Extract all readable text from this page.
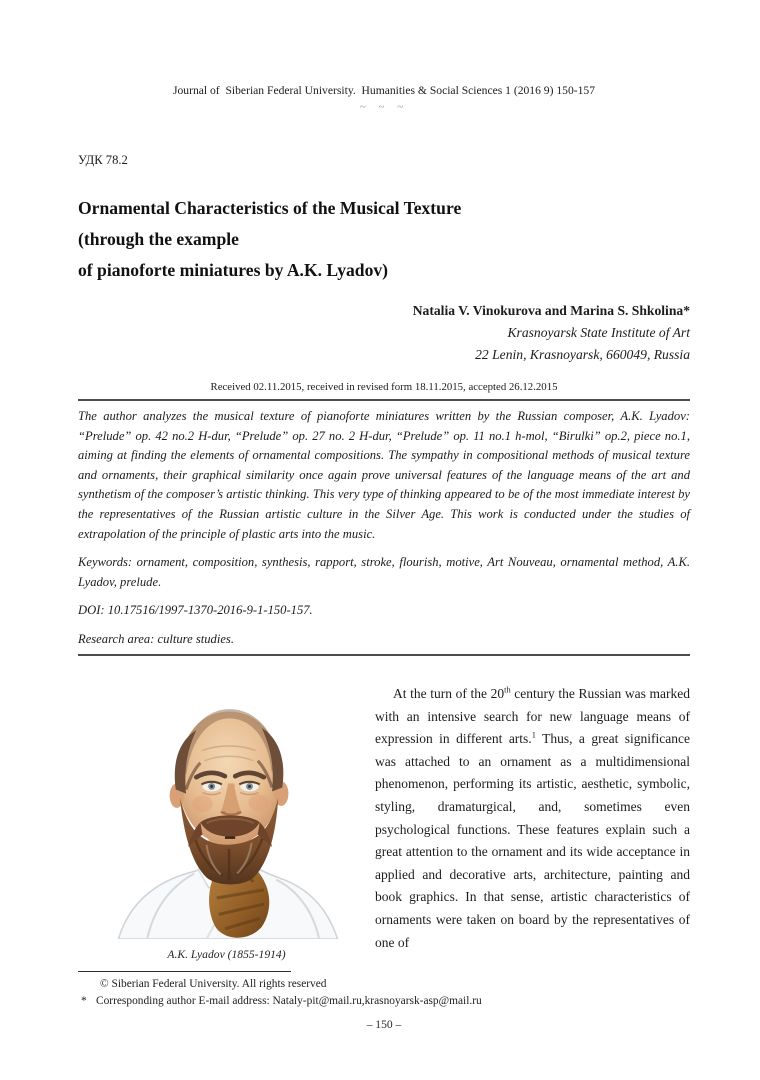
Journal of  Siberian Federal University.  Humanities & Social Sciences 1 (2016 9) 150-157
~ ~ ~
УДК 78.2
Ornamental Characteristics of the Musical Texture
(through the example
of pianoforte miniatures by A.K. Lyadov)
Natalia V. Vinokurova and Marina S. Shkolina*
Krasnoyarsk State Institute of Art
22 Lenin, Krasnoyarsk, 660049, Russia
Received 02.11.2015, received in revised form 18.11.2015, accepted 26.12.2015

The author analyzes the musical texture of pianoforte miniatures written by the Russian composer, A.K. Lyadov: “Prelude” op. 42 no.2 H-dur, “Prelude” op. 27 no. 2 H-dur, “Prelude” op. 11 no.1 h-mol, “Birulki” op.2, piece no.1, aiming at finding the elements of ornamental compositions. The sympathy in compositional methods of musical texture and ornaments, their graphical similarity once again prove universal features of the language means of the art and synthetism of the composer’s artistic thinking. This very type of thinking appeared to be of the most immediate interest by the representatives of the Russian artistic culture in the Silver Age. This work is conducted under the studies of extrapolation of the principle of plastic arts into the music.

Keywords: ornament, composition, synthesis, rapport, stroke, flourish, motive, Art Nouveau, ornamental method, A.K. Lyadov, prelude.

DOI: 10.17516/1997-1370-2016-9-1-150-157.

Research area: culture studies.

A.K. Lyadov (1855-1914)

At the turn of the 20th century the Russian was marked with an intensive search for new language means of expression in different arts.$^1$ Thus, a great significance was attached to an ornament as a multidimensional phenomenon, performing its artistic, aesthetic, symbolic, styling, dramaturgical, and, sometimes even psychological functions. These features explain such a great attention to the ornament and its wide acceptance in applied and decorative arts, architecture, painting and book graphics. In that sense, artistic characteristics of ornaments were taken on board by the representatives of one of

© Siberian Federal University. All rights reserved
* Corresponding author E-mail address: Nataly-pit@mail.ru,krasnoyarsk-asp@mail.ru
– 150 –
